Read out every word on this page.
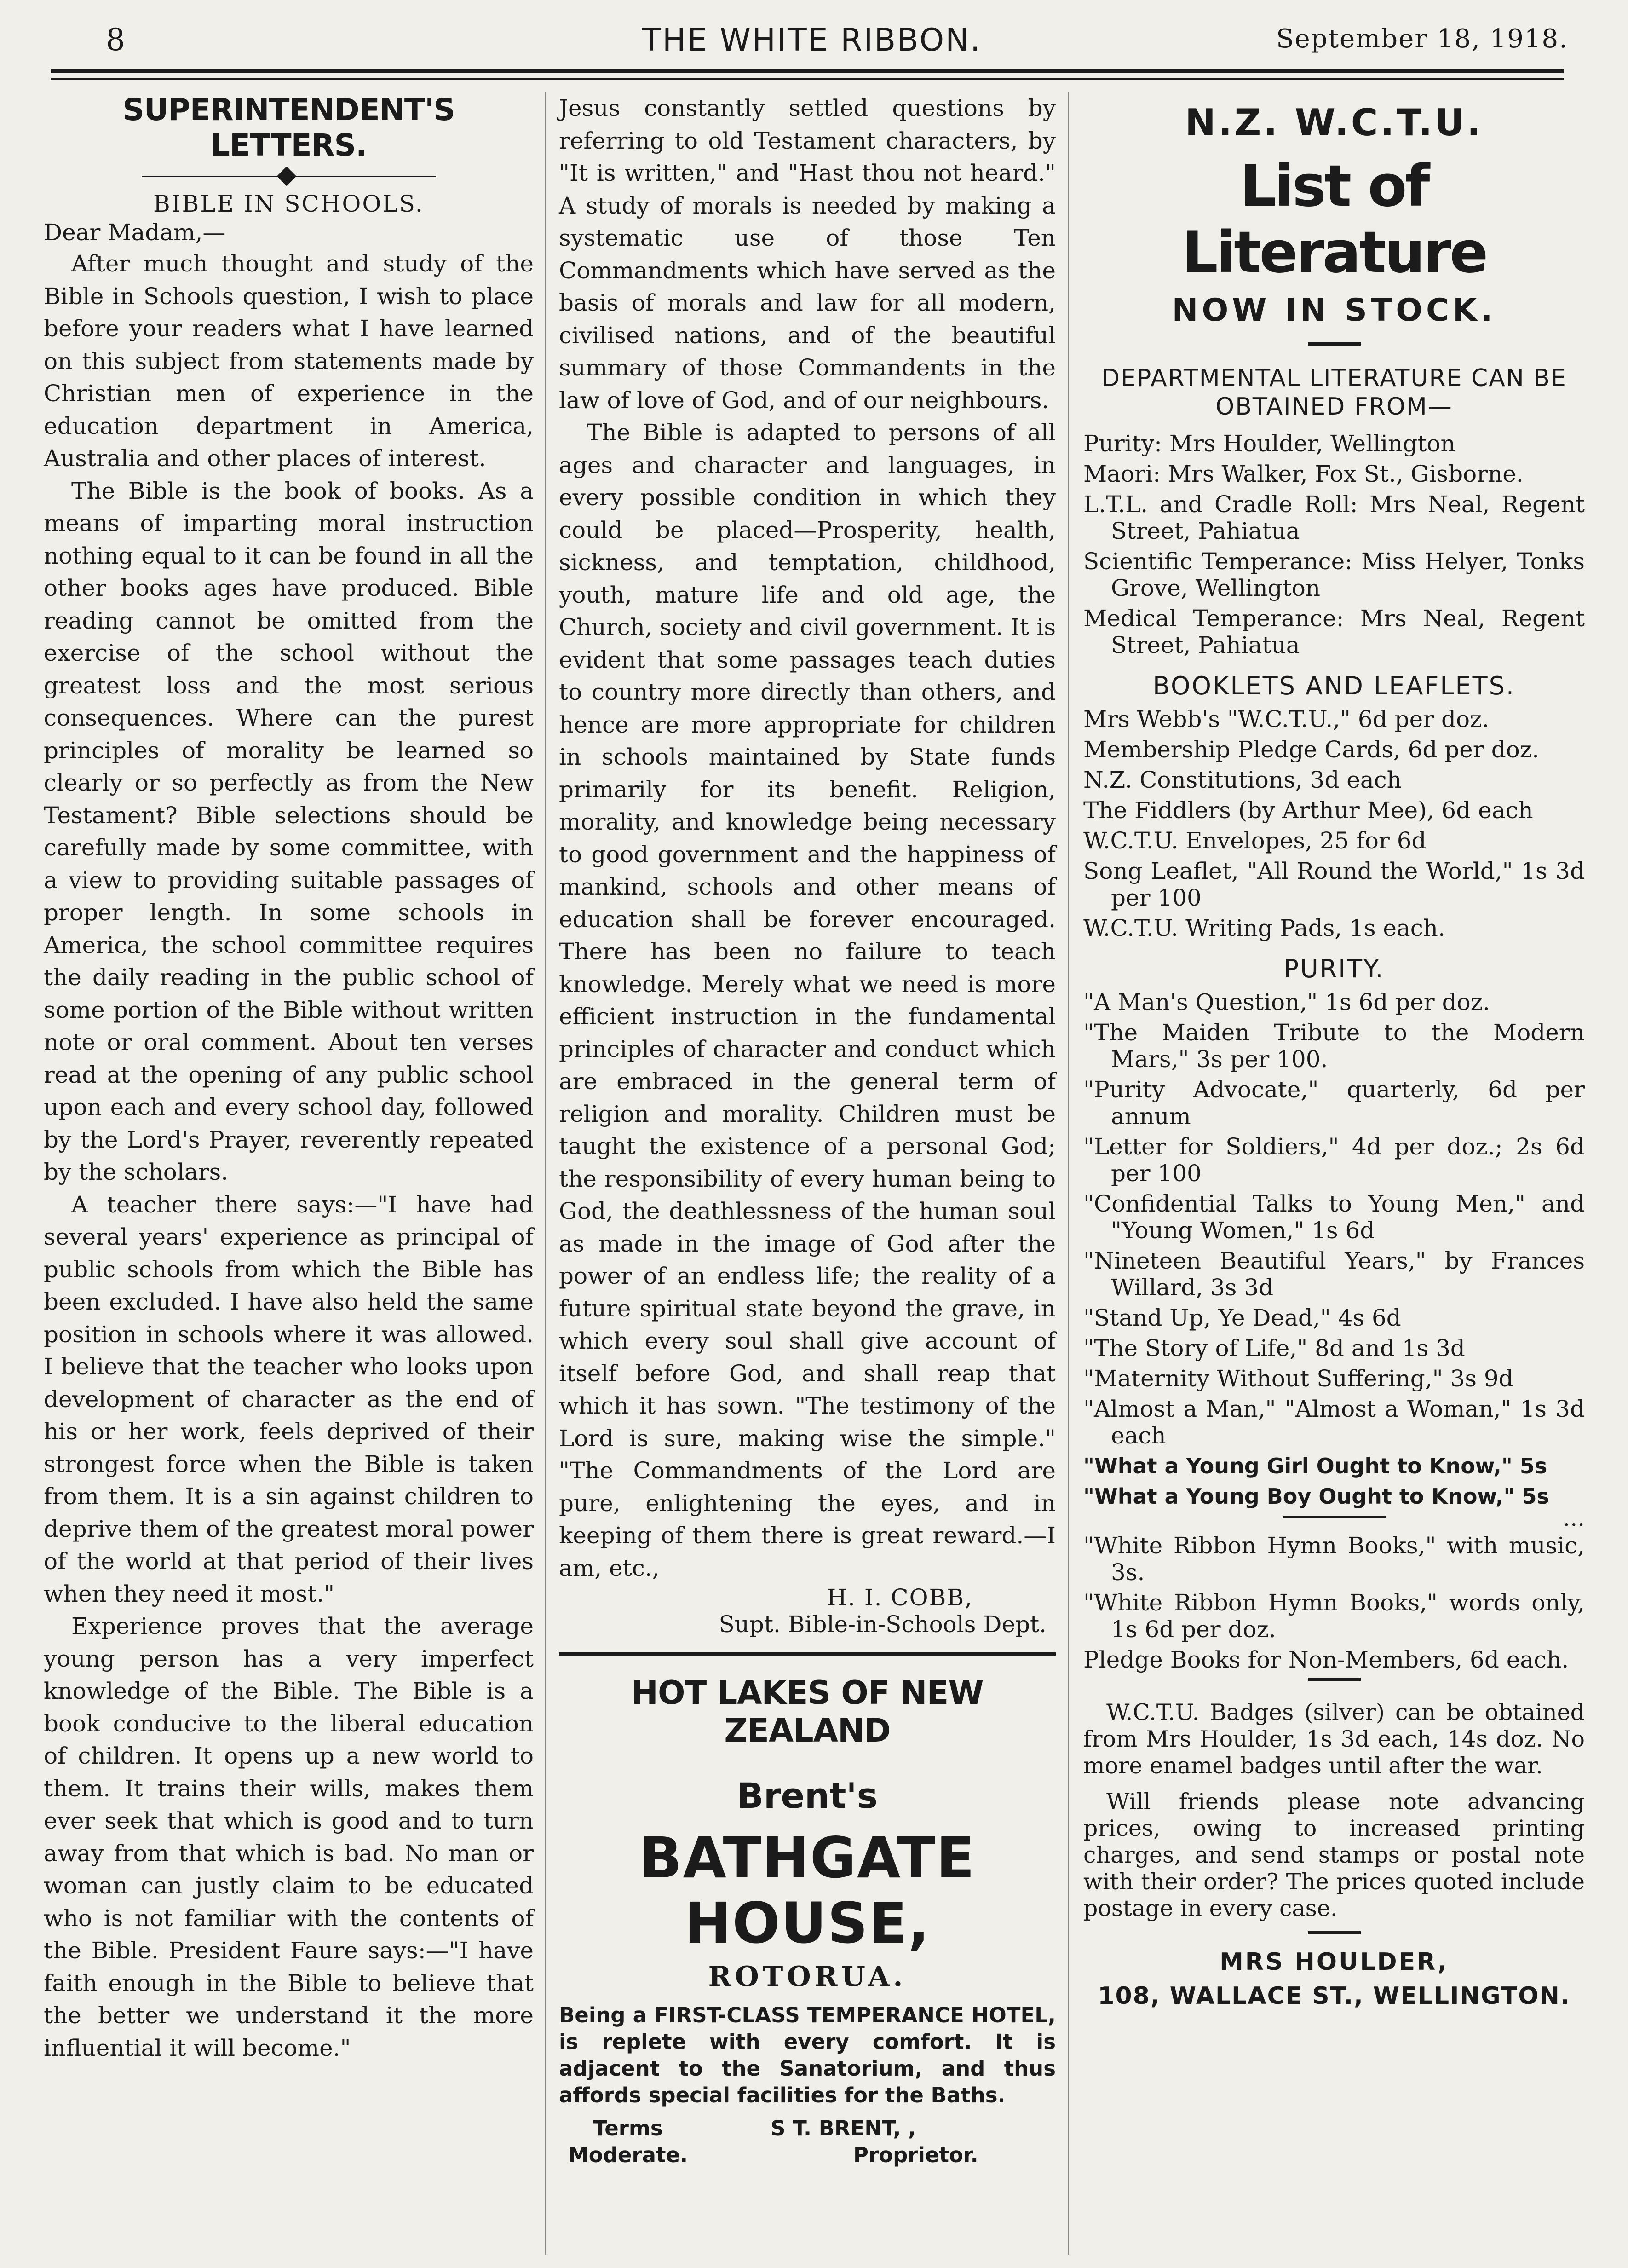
8	THE WHITE RIBBON.	September 18, 1918.
SUPERINTENDENT'S LETTERS.

BIBLE IN SCHOOLS.

Dear Madam,—

After much thought and study of the Bible in Schools question, I wish to place before your readers what I have learned on this subject from statements made by Christian men of experience in the education department in America, Australia and other places of interest.

The Bible is the book of books. As a means of imparting moral instruction nothing equal to it can be found in all the other books ages have produced. Bible reading cannot be omitted from the exercise of the school without the greatest loss and the most serious consequences. Where can the purest principles of morality be learned so clearly or so perfectly as from the New Testament? Bible selections should be carefully made by some committee, with a view to providing suitable passages of proper length. In some schools in America, the school committee requires the daily reading in the public school of some portion of the Bible without written note or oral comment. About ten verses read at the opening of any public school upon each and every school day, followed by the Lord's Prayer, reverently repeated by the scholars.

A teacher there says:—"I have had several years' experience as principal of public schools from which the Bible has been excluded. I have also held the same position in schools where it was allowed. I believe that the teacher who looks upon development of character as the end of his or her work, feels deprived of their strongest force when the Bible is taken from them. It is a sin against children to deprive them of the greatest moral power of the world at that period of their lives when they need it most."

Experience proves that the average young person has a very imperfect knowledge of the Bible. The Bible is a book conducive to the liberal education of children. It opens up a new world to them. It trains their wills, makes them ever seek that which is good and to turn away from that which is bad. No man or woman can justly claim to be educated who is not familiar with the contents of the Bible. President Faure says:—"I have faith enough in the Bible to believe that the better we understand it the more influential it will become."

Jesus constantly settled questions by referring to old Testament characters, by "It is written," and "Hast thou not heard." A study of morals is needed by making a systematic use of those Ten Commandments which have served as the basis of morals and law for all modern, civilised nations, and of the beautiful summary of those Commandents in the law of love of God, and of our neighbours.

The Bible is adapted to persons of all ages and character and languages, in every possible condition in which they could be placed—Prosperity, health, sickness, and temptation, childhood, youth, mature life and old age, the Church, society and civil government. It is evident that some passages teach duties to country more directly than others, and hence are more appropriate for children in schools maintained by State funds primarily for its benefit. Religion, morality, and knowledge being necessary to good government and the happiness of mankind, schools and other means of education shall be forever encouraged. There has been no failure to teach knowledge. Merely what we need is more efficient instruction in the fundamental principles of character and conduct which are embraced in the general term of religion and morality. Children must be taught the existence of a personal God; the responsibility of every human being to God, the deathlessness of the human soul as made in the image of God after the power of an endless life; the reality of a future spiritual state beyond the grave, in which every soul shall give account of itself before God, and shall reap that which it has sown. "The testimony of the Lord is sure, making wise the simple." "The Commandments of the Lord are pure, enlightening the eyes, and in keeping of them there is great reward.—I am, etc.,

H. I. COBB,

Supt. Bible-in-Schools Dept.

HOT LAKES OF NEW ZEALAND

Brent's

BATHGATE HOUSE,

ROTORUA.

Being a FIRST-CLASS TEMPERANCE HOTEL, is replete with every comfort. It is adjacent to the Sanatorium, and thus affords special facilities for the Baths.

Terms
Moderate.
S T. BRENT, ,
Proprietor.

N.Z. W.C.T.U.

List of Literature

NOW IN STOCK.

DEPARTMENTAL LITERATURE CAN BE OBTAINED FROM—

Purity: Mrs Houlder, Wellington

Maori: Mrs Walker, Fox St., Gisborne.

L.T.L. and Cradle Roll: Mrs Neal, Regent Street, Pahiatua

Scientific Temperance: Miss Helyer, Tonks Grove, Wellington

Medical Temperance: Mrs Neal, Regent Street, Pahiatua

BOOKLETS AND LEAFLETS.

Mrs Webb's "W.C.T.U.," 6d per doz.

Membership Pledge Cards, 6d per doz.

N.Z. Constitutions, 3d each

The Fiddlers (by Arthur Mee), 6d each

W.C.T.U. Envelopes, 25 for 6d

Song Leaflet, "All Round the World," 1s 3d per 100

W.C.T.U. Writing Pads, 1s each.

PURITY.

"A Man's Question," 1s 6d per doz.

"The Maiden Tribute to the Modern Mars," 3s per 100.

"Purity Advocate," quarterly, 6d per annum

"Letter for Soldiers," 4d per doz.; 2s 6d per 100

"Confidential Talks to Young Men," and "Young Women," 1s 6d

"Nineteen Beautiful Years," by Frances Willard, 3s 3d

"Stand Up, Ye Dead," 4s 6d

"The Story of Life," 8d and 1s 3d

"Maternity Without Suffering," 3s 9d

"Almost a Man," "Almost a Woman," 1s 3d each

"What a Young Girl Ought to Know," 5s

"What a Young Boy Ought to Know," 5s

...

"White Ribbon Hymn Books," with music, 3s.

"White Ribbon Hymn Books," words only, 1s 6d per doz.

Pledge Books for Non-Members, 6d each.

W.C.T.U. Badges (silver) can be obtained from Mrs Houlder, 1s 3d each, 14s doz. No more enamel badges until after the war.

Will friends please note advancing prices, owing to increased printing charges, and send stamps or postal note with their order? The prices quoted include postage in every case.

MRS HOULDER,

108, WALLACE ST., WELLINGTON.
